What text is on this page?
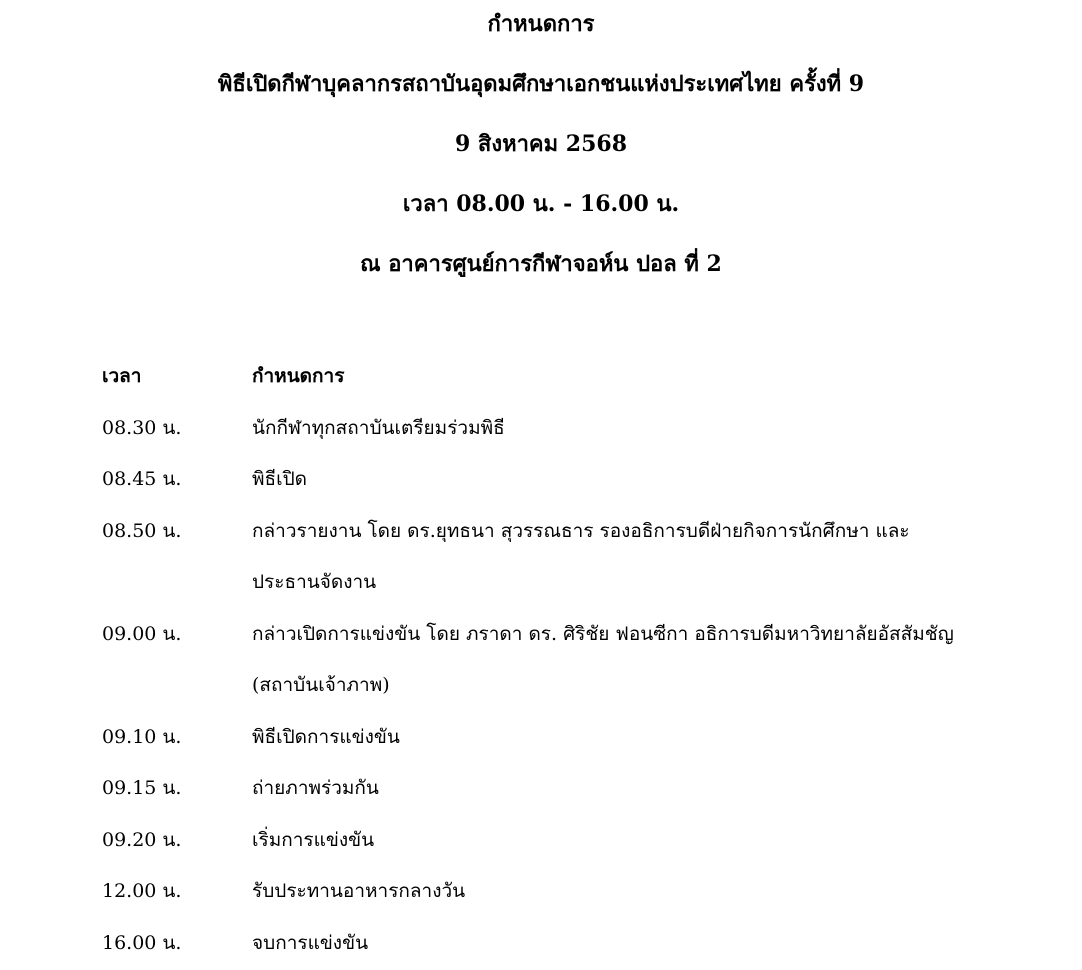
กำหนดการ
พิธีเปิดกีฬาบุคลากรสถาบันอุดมศึกษาเอกชนแห่งประเทศไทย ครั้งที่ 9
9 สิงหาคม 2568
เวลา 08.00 น. - 16.00 น.
ณ อาคารศูนย์การกีฬาจอห์น ปอล ที่ 2
เวลา	กำหนดการ
08.30 น.	นักกีฬาทุกสถาบันเตรียมร่วมพิธี
08.45 น.	พิธีเปิด
08.50 น.	กล่าวรายงาน โดย ดร.ยุทธนา สุวรรณธาร รองอธิการบดีฝ่ายกิจการนักศึกษา และ
ประธานจัดงาน
09.00 น.	กล่าวเปิดการแข่งขัน โดย ภราดา ดร. ศิริชัย ฟอนซีกา อธิการบดีมหาวิทยาลัยอัสสัมชัญ
(สถาบันเจ้าภาพ)
09.10 น.	พิธีเปิดการแข่งขัน
09.15 น.	ถ่ายภาพร่วมกัน
09.20 น.	เริ่มการแข่งขัน
12.00 น.	รับประทานอาหารกลางวัน
16.00 น.	จบการแข่งขัน
